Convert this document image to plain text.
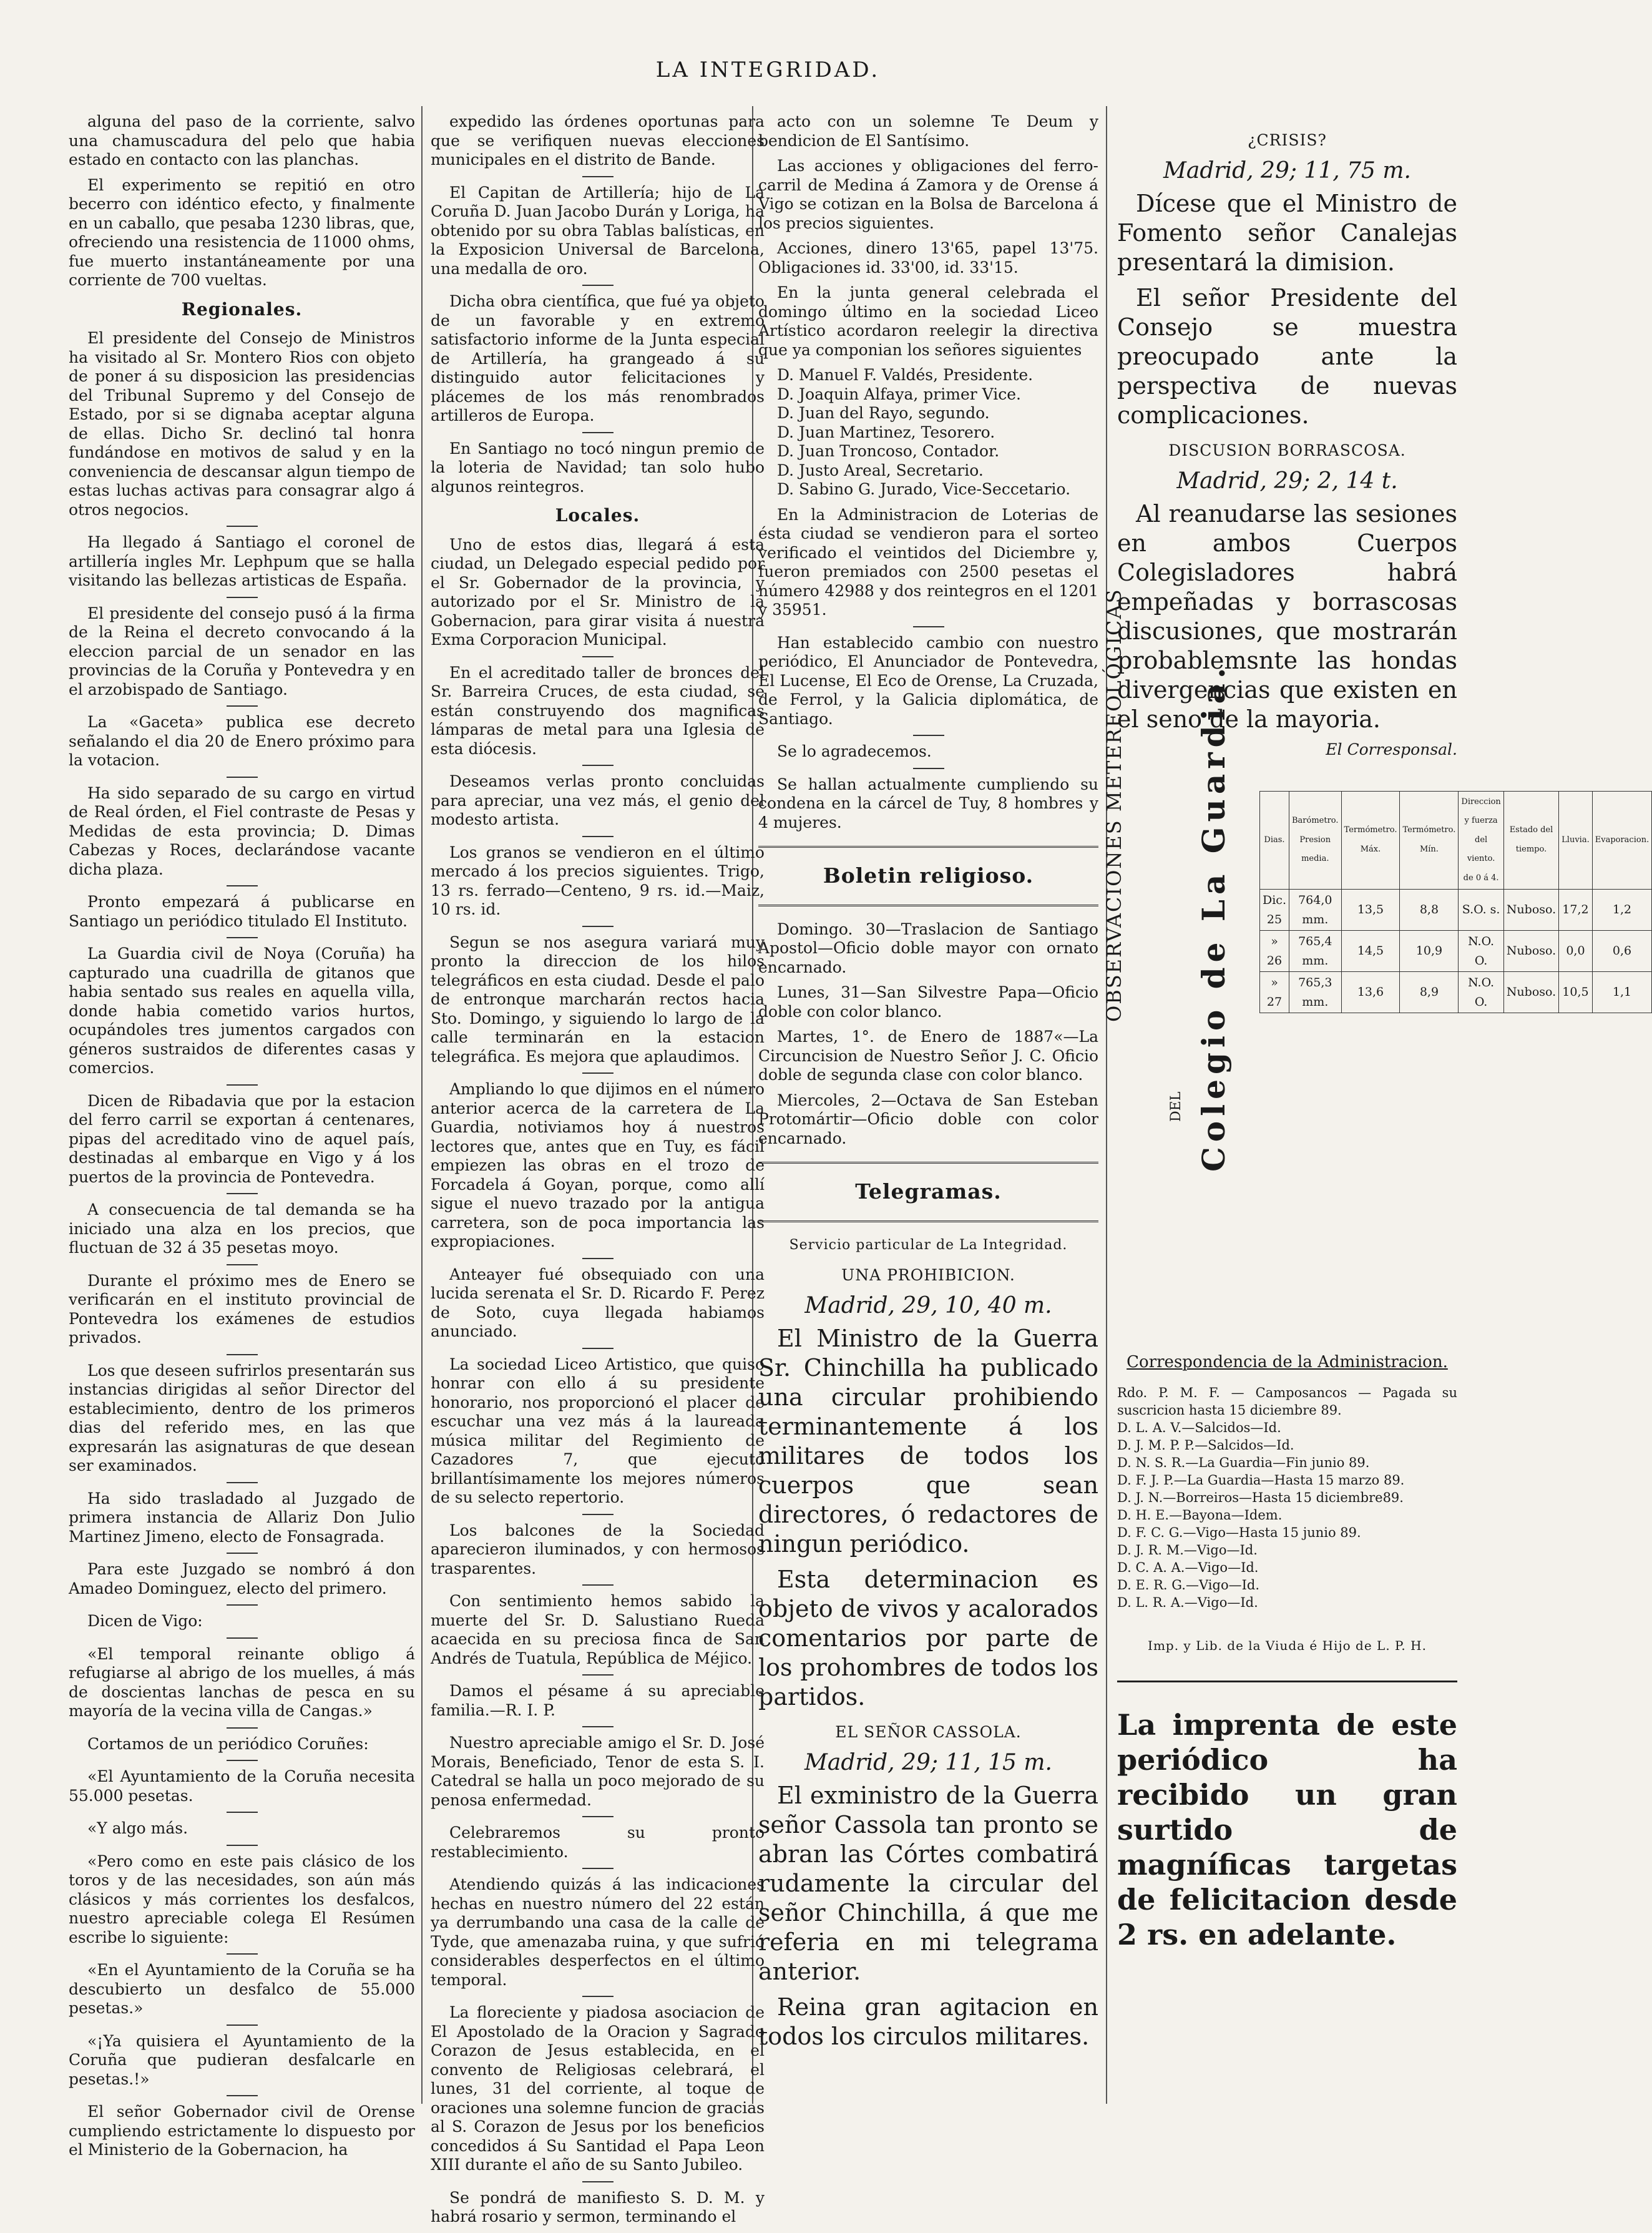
LA INTEGRIDAD.

alguna del paso de la corriente, salvo una chamuscadura del pelo que habia estado en contacto con las planchas.

El experimento se repitió en otro becerro con idéntico efecto, y finalmente en un caballo, que pesaba 1230 libras, que, ofreciendo una resistencia de 11000 ohms, fue muerto instantáneamente por una corriente de 700 vueltas.

Regionales.

El presidente del Consejo de Ministros ha visitado al Sr. Montero Rios con objeto de poner á su disposicion las presidencias del Tribunal Supremo y del Consejo de Estado, por si se dignaba aceptar alguna de ellas. Dicho Sr. declinó tal honra fundándose en motivos de salud y en la conveniencia de descansar algun tiempo de estas luchas activas para consagrar algo á otros negocios.

Ha llegado á Santiago el coronel de artillería ingles Mr. Lephpum que se halla visitando las bellezas artisticas de España.

El presidente del consejo pusó á la firma de la Reina el decreto convocando á la eleccion parcial de un senador en las provincias de la Coruña y Pontevedra y en el arzobispado de Santiago.

La «Gaceta» publica ese decreto señalando el dia 20 de Enero próximo para la votacion.

Ha sido separado de su cargo en virtud de Real órden, el Fiel contraste de Pesas y Medidas de esta provincia; D. Dimas Cabezas y Roces, declarándose vacante dicha plaza.

Pronto empezará á publicarse en Santiago un periódico titulado El Instituto.

La Guardia civil de Noya (Coruña) ha capturado una cuadrilla de gitanos que habia sentado sus reales en aquella villa, donde habia cometido varios hurtos, ocupándoles tres jumentos cargados con géneros sustraidos de diferentes casas y comercios.

Dicen de Ribadavia que por la estacion del ferro carril se exportan á centenares, pipas del acreditado vino de aquel país, destinadas al embarque en Vigo y á los puertos de la provincia de Pontevedra.

A consecuencia de tal demanda se ha iniciado una alza en los precios, que fluctuan de 32 á 35 pesetas moyo.

Durante el próximo mes de Enero se verificarán en el instituto provincial de Pontevedra los exámenes de estudios privados.

Los que deseen sufrirlos presentarán sus instancias dirigidas al señor Director del establecimiento, dentro de los primeros dias del referido mes, en las que expresarán las asignaturas de que desean ser examinados.

Ha sido trasladado al Juzgado de primera instancia de Allariz Don Julio Martinez Jimeno, electo de Fonsagrada.

Para este Juzgado se nombró á don Amadeo Dominguez, electo del primero.

Dicen de Vigo:

«El temporal reinante obligo á refugiarse al abrigo de los muelles, á más de doscientas lanchas de pesca en su mayoría de la vecina villa de Cangas.»

Cortamos de un periódico Coruñes:

«El Ayuntamiento de la Coruña necesita 55.000 pesetas.

«Y algo más.

«Pero como en este pais clásico de los toros y de las necesidades, son aún más clásicos y más corrientes los desfalcos, nuestro apreciable colega El Resúmen escribe lo siguiente:

«En el Ayuntamiento de la Coruña se ha descubierto un desfalco de 55.000 pesetas.»

«¡Ya quisiera el Ayuntamiento de la Coruña que pudieran desfalcarle en pesetas.!»

El señor Gobernador civil de Orense cumpliendo estrictamente lo dispuesto por el Ministerio de la Gobernacion, ha

expedido las órdenes oportunas para que se verifiquen nuevas elecciones municipales en el distrito de Bande.

El Capitan de Artillería; hijo de La Coruña D. Juan Jacobo Durán y Loriga, ha obtenido por su obra Tablas balísticas, en la Exposicion Universal de Barcelona, una medalla de oro.

Dicha obra científica, que fué ya objeto de un favorable y en extremo satisfactorio informe de la Junta especial de Artillería, ha grangeado á su distinguido autor felicitaciones y plácemes de los más renombrados artilleros de Europa.

En Santiago no tocó ningun premio de la loteria de Navidad; tan solo hubo algunos reintegros.

Locales.

Uno de estos dias, llegará á esta ciudad, un Delegado especial pedido por el Sr. Gobernador de la provincia, y autorizado por el Sr. Ministro de la Gobernacion, para girar visita á nuestra Exma Corporacion Municipal.

En el acreditado taller de bronces del Sr. Barreira Cruces, de esta ciudad, se están construyendo dos magnificas lámparas de metal para una Iglesia de esta diócesis.

Deseamos verlas pronto concluidas para apreciar, una vez más, el genio del modesto artista.

Los granos se vendieron en el último mercado á los precios siguientes. Trigo, 13 rs. ferrado—Centeno, 9 rs. id.—Maiz, 10 rs. id.

Segun se nos asegura variará muy pronto la direccion de los hilos telegráficos en esta ciudad. Desde el palo de entronque marcharán rectos hacia Sto. Domingo, y siguiendo lo largo de la calle terminarán en la estacion telegráfica. Es mejora que aplaudimos.

Ampliando lo que dijimos en el número anterior acerca de la carretera de La Guardia, notiviamos hoy á nuestros lectores que, antes que en Tuy, es fácil empiezen las obras en el trozo de Forcadela á Goyan, porque, como allí sigue el nuevo trazado por la antigua carretera, son de poca importancia las expropiaciones.

Anteayer fué obsequiado con una lucida serenata el Sr. D. Ricardo F. Perez de Soto, cuya llegada habiamos anunciado.

La sociedad Liceo Artistico, que quiso honrar con ello á su presidente honorario, nos proporcionó el placer de escuchar una vez más á la laureada música militar del Regimiento de Cazadores 7, que ejecutó brillantísimamente los mejores números de su selecto repertorio.

Los balcones de la Sociedad aparecieron iluminados, y con hermosos trasparentes.

Con sentimiento hemos sabido la muerte del Sr. D. Salustiano Rueda acaecida en su preciosa finca de San Andrés de Tuatula, República de Méjico.

Damos el pésame á su apreciable familia.—R. I. P.

Nuestro apreciable amigo el Sr. D. José Morais, Beneficiado, Tenor de esta S. I. Catedral se halla un poco mejorado de su penosa enfermedad.

Celebraremos su pronto restablecimiento.

Atendiendo quizás á las indicaciones hechas en nuestro número del 22 están ya derrumbando una casa de la calle de Tyde, que amenazaba ruina, y que sufrió considerables desperfectos en el último temporal.

La floreciente y piadosa asociacion de El Apostolado de la Oracion y Sagrado Corazon de Jesus establecida, en el convento de Religiosas celebrará, el lunes, 31 del corriente, al toque de oraciones una solemne funcion de gracias al S. Corazon de Jesus por los beneficios concedidos á Su Santidad el Papa Leon XIII durante el año de su Santo Jubileo.

Se pondrá de manifiesto S. D. M. y habrá rosario y sermon, terminando el

acto con un solemne Te Deum y bendicion de El Santísimo.

Las acciones y obligaciones del ferro-carril de Medina á Zamora y de Orense á Vigo se cotizan en la Bolsa de Barcelona á los precios siguientes.

Acciones, dinero 13'65, papel 13'75. Obligaciones id. 33'00, id. 33'15.

En la junta general celebrada el domingo último en la sociedad Liceo Artístico acordaron reelegir la directiva que ya componian los señores siguientes

D. Manuel F. Valdés, Presidente.
D. Joaquin Alfaya, primer Vice.
D. Juan del Rayo, segundo.
D. Juan Martinez, Tesorero.
D. Juan Troncoso, Contador.
D. Justo Areal, Secretario.
D. Sabino G. Jurado, Vice-Seccetario.

En la Administracion de Loterias de ésta ciudad se vendieron para el sorteo verificado el veintidos del Diciembre y, fueron premiados con 2500 pesetas el número 42988 y dos reintegros en el 1201 y 35951.

Han establecido cambio con nuestro periódico, El Anunciador de Pontevedra, El Lucense, El Eco de Orense, La Cruzada, de Ferrol, y la Galicia diplomática, de Santiago.

Se lo agradecemos.

Se hallan actualmente cumpliendo su condena en la cárcel de Tuy, 8 hombres y 4 mujeres.

Boletin religioso.

Domingo. 30—Traslacion de Santiago Apostol—Oficio doble mayor con ornato encarnado.

Lunes, 31—San Silvestre Papa—Oficio doble con color blanco.

Martes, 1°. de Enero de 1887«—La Circuncision de Nuestro Señor J. C. Oficio doble de segunda clase con color blanco.

Miercoles, 2—Octava de San Esteban Protomártir—Oficio doble con color encarnado.

Telegramas.
Servicio particular de La Integridad.
UNA PROHIBICION.
Madrid, 29, 10, 40 m.

El Ministro de la Guerra Sr. Chinchilla ha publicado una circular prohibiendo terminantemente á los militares de todos los cuerpos que sean directores, ó redactores de ningun periódico.

Esta determinacion es objeto de vivos y acalorados comentarios por parte de los prohombres de todos los partidos.

EL SEÑOR CASSOLA.
Madrid, 29; 11, 15 m.

El exministro de la Guerra señor Cassola tan pronto se abran las Córtes combatirá rudamente la circular del señor Chinchilla, á que me referia en mi telegrama anterior.

Reina gran agitacion en todos los circulos militares.

¿CRISIS?
Madrid, 29; 11, 75 m.

Dícese que el Ministro de Fomento señor Canalejas presentará la dimision.

El señor Presidente del Consejo se muestra preocupado ante la perspectiva de nuevas complicaciones.

DISCUSION BORRASCOSA.
Madrid, 29; 2, 14 t.

Al reanudarse las sesiones en ambos Cuerpos Colegisladores habrá empeñadas y borrascosas discusiones, que mostrarán probablemsnte las hondas divergencias que existen en el seno de la mayoria.

El Corresponsal.
OBSERVACIONES METEREOLÓGICAS
DEL Colegio de La Guardia.	Dias.	Barómetro. Presion media.	Termómetro. Máx.	Termómetro. Mín.	Direccion y fuerza del viento. de 0 á 4.	Estado del tiempo.	Lluvia.	Evaporacion.
Dic. 25	764,0 mm.	13,5	8,8	S.O. s.	Nuboso.	17,2	1,2
» 26	765,4 mm.	14,5	10,9	N.O. O.	Nuboso.	0,0	0,6
» 27	765,3 mm.	13,6	8,9	N.O. O.	Nuboso.	10,5	1,1
Correspondencia de la Administracion.
Rdo. P. M. F. — Camposancos — Pagada su suscricion hasta 15 diciembre 89.
D. L. A. V.—Salcidos—Id.
D. J. M. P. P.—Salcidos—Id.
D. N. S. R.—La Guardia—Fin junio 89.
D. F. J. P.—La Guardia—Hasta 15 marzo 89.
D. J. N.—Borreiros—Hasta 15 diciembre89.
D. H. E.—Bayona—Idem.
D. F. C. G.—Vigo—Hasta 15 junio 89.
D. J. R. M.—Vigo—Id.
D. C. A. A.—Vigo—Id.
D. E. R. G.—Vigo—Id.
D. L. R. A.—Vigo—Id.
Imp. y Lib. de la Viuda é Hijo de L. P. H.
La imprenta de este periódico ha recibido un gran surtido de magníficas targetas de felicitacion desde 2 rs. en adelante.
